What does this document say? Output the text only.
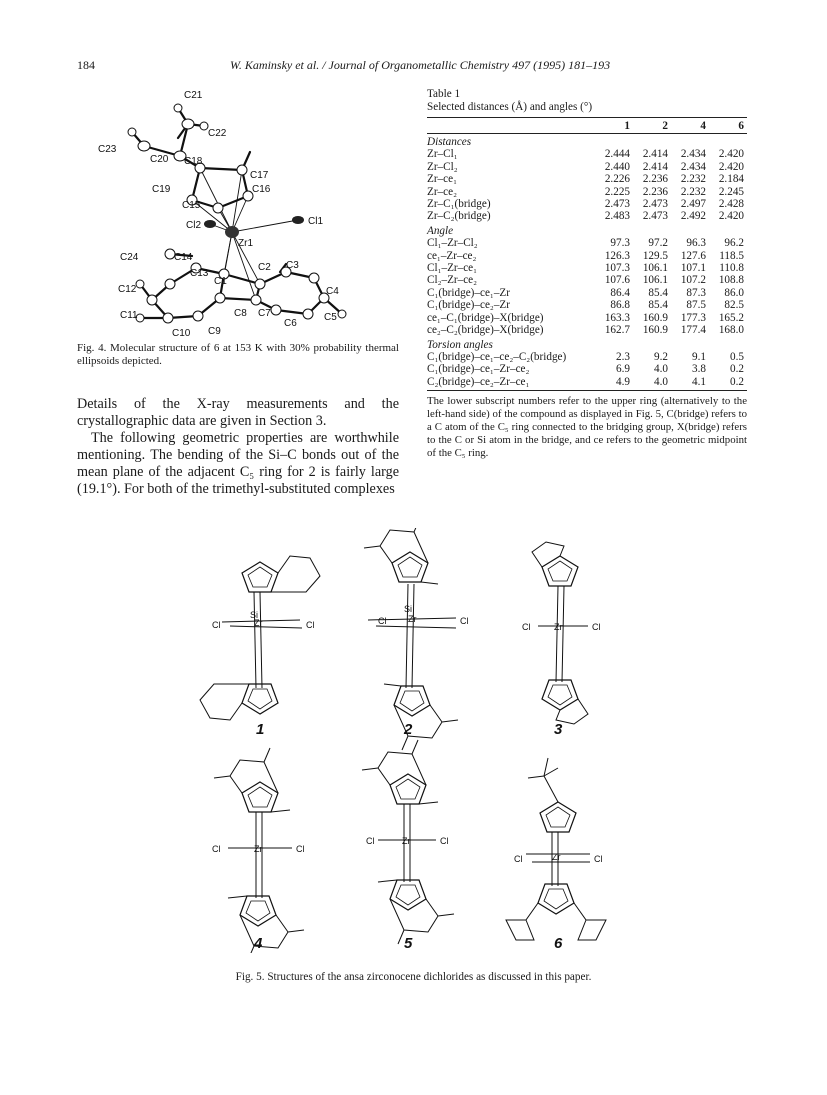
184	W. Kaminsky et al. / Journal of Organometallic Chemistry 497 (1995) 181–193
C21
C22
C23
C20 C18
C17
C19	C16
C15
Cl2	Cl1
Zr1
C24	C14
C2 C3
C13
C1
C4
C12
C11	C8 C7
C6
C5
C10 C9
Fig. 4. Molecular structure of 6 at 153 K with 30% probability thermal ellipsoids depicted.

Details of the X-ray measurements and the crystallographic data are given in Section 3.

The following geometric properties are worthwhile mentioning. The bending of the Si–C bonds out of the mean plane of the adjacent C₅ ring for 2 is fairly large (19.1°). For both of the trimethyl-substituted complexes

Table 1
Selected distances (Å) and angles (°)
	1	2	4	6
Distances				
Zr–Cl₁	2.444	2.414	2.434	2.420
Zr–Cl₂	2.440	2.414	2.434	2.420
Zr–ce₁	2.226	2.236	2.232	2.184
Zr–ce₂	2.225	2.236	2.232	2.245
Zr–C₁(bridge)	2.473	2.473	2.497	2.428
Zr–C₂(bridge)	2.483	2.473	2.492	2.420
Angle				
Cl₁–Zr–Cl₂	97.3	97.2	96.3	96.2
ce₁–Zr–ce₂	126.3	129.5	127.6	118.5
Cl₁–Zr–ce₁	107.3	106.1	107.1	110.8
Cl₂–Zr–ce₂	107.6	106.1	107.2	108.8
C₁(bridge)–ce₁–Zr	86.4	85.4	87.3	86.0
C₁(bridge)–ce₂–Zr	86.8	85.4	87.5	82.5
ce₁–C₁(bridge)–X(bridge)	163.3	160.9	177.3	165.2
ce₂–C₂(bridge)–X(bridge)	162.7	160.9	177.4	168.0
Torsion angles				
C₁(bridge)–ce₁–ce₂–C₂(bridge)	2.3	9.2	9.1	0.5
C₁(bridge)–ce₁–Zr–ce₂	6.9	4.0	3.8	0.2
C₂(bridge)–ce₂–Zr–ce₁	4.9	4.0	4.1	0.2
The lower subscript numbers refer to the upper ring (alternatively to the left-hand side) of the compound as displayed in Fig. 5, C(bridge) refers to a C atom of the C₅ ring connected to the bridging group, X(bridge) refers to the C or Si atom in the bridge, and ce refers to the geometric midpoint of the C₅ ring.
Cl	Zr
Si
Cl	Cl Zr
Si
Cl
Cl	Zr	Cl
Cl	Zr	Cl
Cl	Zr	Cl
Cl	Zr	Cl
1	2	3
4	5	6
Fig. 5. Structures of the ansa zirconocene dichlorides as discussed in this paper.
